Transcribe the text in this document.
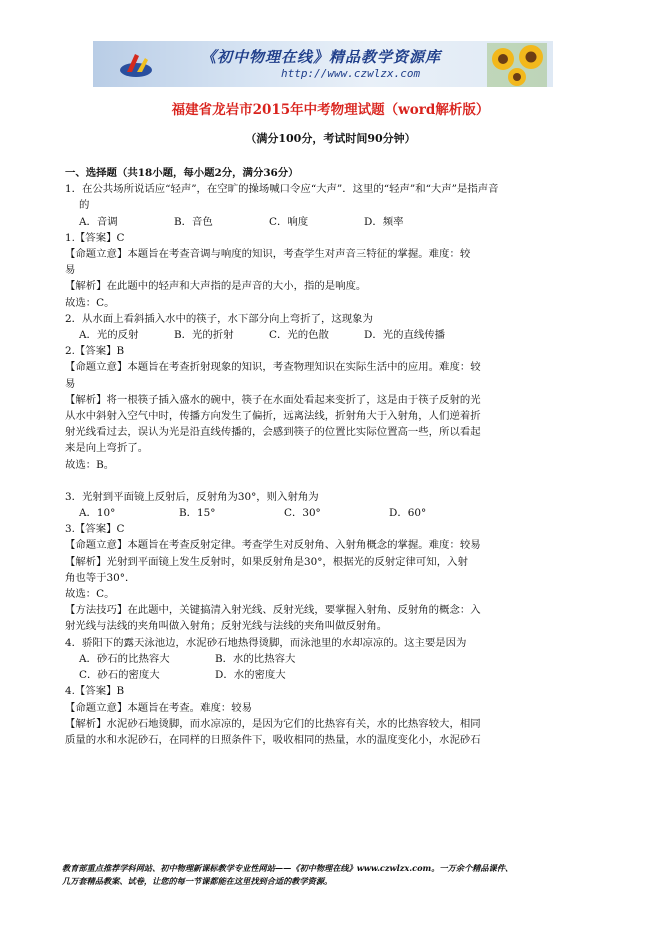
《初中物理在线》精品教学资源库
http://www.czwlzx.com
福建省龙岩市2015年中考物理试题（word解析版）
（满分100分，考试时间90分钟）

一、选择题（共18小题，每小题2分，满分36分）

1．在公共场所说话应“轻声”，在空旷的操场喊口令应“大声”．这里的“轻声”和“大声”是指声音

的

A．音调	B．音色	C．响度	D．频率

1.【答案】C

【命题立意】本题旨在考查音调与响度的知识，考查学生对声音三特征的掌握。难度：较

易

【解析】在此题中的轻声和大声指的是声音的大小，指的是响度。

故选：C。

2．从水面上看斜插入水中的筷子，水下部分向上弯折了，这现象为

A．光的反射	B．光的折射	C．光的色散	D．光的直线传播

2.【答案】B

【命题立意】本题旨在考查折射现象的知识，考查物理知识在实际生活中的应用。难度：较

易

【解析】将一根筷子插入盛水的碗中，筷子在水面处看起来变折了，这是由于筷子反射的光

从水中斜射入空气中时，传播方向发生了偏折，远离法线，折射角大于入射角，人们逆着折

射光线看过去，误认为光是沿直线传播的，会感到筷子的位置比实际位置高一些，所以看起

来是向上弯折了。

故选：B。

3．光射到平面镜上反射后，反射角为30°，则入射角为

A．10°	B．15°	C．30°	D．60°

3.【答案】C

【命题立意】本题旨在考查反射定律。考查学生对反射角、入射角概念的掌握。难度：较易

【解析】光射到平面镜上发生反射时，如果反射角是30°，根据光的反射定律可知，入射

角也等于30°．

故选：C。

【方法技巧】在此题中，关键搞清入射光线、反射光线，要掌握入射角、反射角的概念：入

射光线与法线的夹角叫做入射角；反射光线与法线的夹角叫做反射角。

4．骄阳下的露天泳池边，水泥砂石地热得烫脚，而泳池里的水却凉凉的。这主要是因为

A．砂石的比热容大	B．水的比热容大
C．砂石的密度大	D．水的密度大

4.【答案】B

【命题立意】本题旨在考查。难度：较易

【解析】水泥砂石地烫脚，而水凉凉的，是因为它们的比热容有关，水的比热容较大，相同

质量的水和水泥砂石，在同样的日照条件下，吸收相同的热量，水的温度变化小，水泥砂石

教育部重点推荐学科网站、初中物理新课标教学专业性网站——《初中物理在线》www.czwlzx.com。一万余个精品课件、

几万套精品教案、试卷，让您的每一节课都能在这里找到合适的教学资源。
